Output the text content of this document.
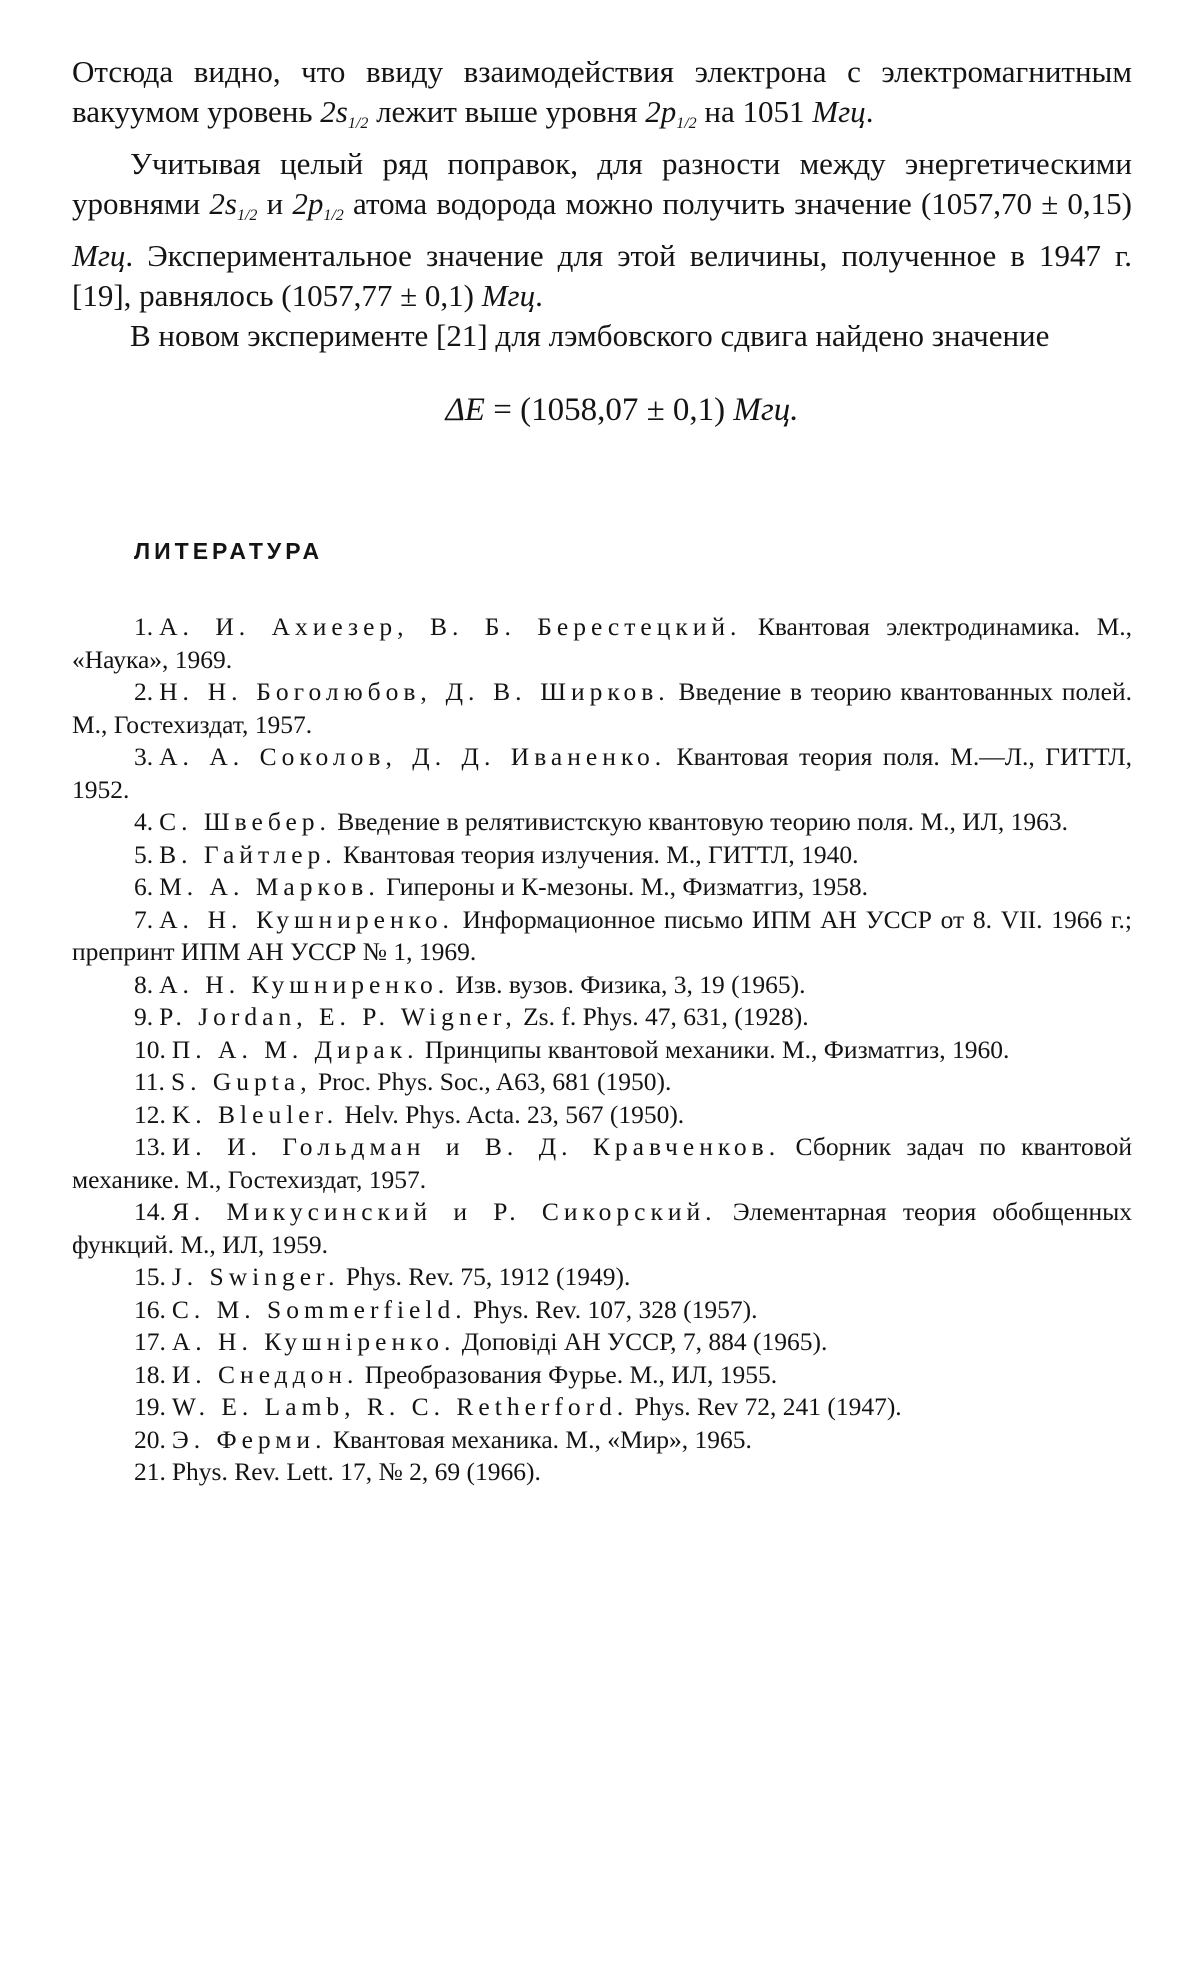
Отсюда видно, что ввиду взаимодействия электрона с электромагнитным вакуумом уровень $2s_{1/2}$ лежит выше уровня $2p_{1/2}$ на 1051 Мгц.

Учитывая целый ряд поправок, для разности между энергетическими уровнями $2s_{1/2}$ и $2p_{1/2}$ атома водорода можно получить значение (1057,70 ± 0,15) Мгц. Экспериментальное значение для этой величины, полученное в 1947 г. [19], равнялось (1057,77 ± 0,1) Мгц.

В новом эксперименте [21] для лэмбовского сдвига найдено значение

ΔE = (1058,07 ± 0,1) Мгц.
ЛИТЕРАТУРА

1. А. И. Ахиезер, В. Б. Берестецкий. Квантовая электродинамика. М., «Наука», 1969.

2. Н. Н. Боголюбов, Д. В. Ширков. Введение в теорию квантованных полей. М., Гостехиздат, 1957.

3. А. А. Соколов, Д. Д. Иваненко. Квантовая теория поля. М.—Л., ГИТТЛ, 1952.

4. С. Швебер. Введение в релятивистскую квантовую теорию поля. М., ИЛ, 1963.

5. В. Гайтлер. Квантовая теория излучения. М., ГИТТЛ, 1940.

6. М. А. Марков. Гипероны и К-мезоны. М., Физматгиз, 1958.

7. А. Н. Кушниренко. Информационное письмо ИПМ АН УССР от 8. VII. 1966 г.; препринт ИПМ АН УССР № 1, 1969.

8. А. Н. Кушниренко. Изв. вузов. Физика, 3, 19 (1965).

9. P. Jordan, E. P. Wigner, Zs. f. Phys. 47, 631, (1928).

10. П. А. М. Дирак. Принципы квантовой механики. М., Физматгиз, 1960.

11. S. Gupta, Proc. Phys. Soc., A63, 681 (1950).

12. K. Bleuler. Helv. Phys. Acta. 23, 567 (1950).

13. И. И. Гольдман и В. Д. Кравченков. Сборник задач по квантовой механике. М., Гостехиздат, 1957.

14. Я. Микусинский и Р. Сикорский. Элементарная теория обобщенных функций. М., ИЛ, 1959.

15. J. Swinger. Phys. Rev. 75, 1912 (1949).

16. C. M. Sommerfield. Phys. Rev. 107, 328 (1957).

17. А. Н. Кушнiренко. Доповiдi АН УССР, 7, 884 (1965).

18. И. Снеддон. Преобразования Фурье. М., ИЛ, 1955.

19. W. E. Lamb, R. C. Retherford. Phys. Rev 72, 241 (1947).

20. Э. Ферми. Квантовая механика. М., «Мир», 1965.

21. Phys. Rev. Lett. 17, № 2, 69 (1966).
